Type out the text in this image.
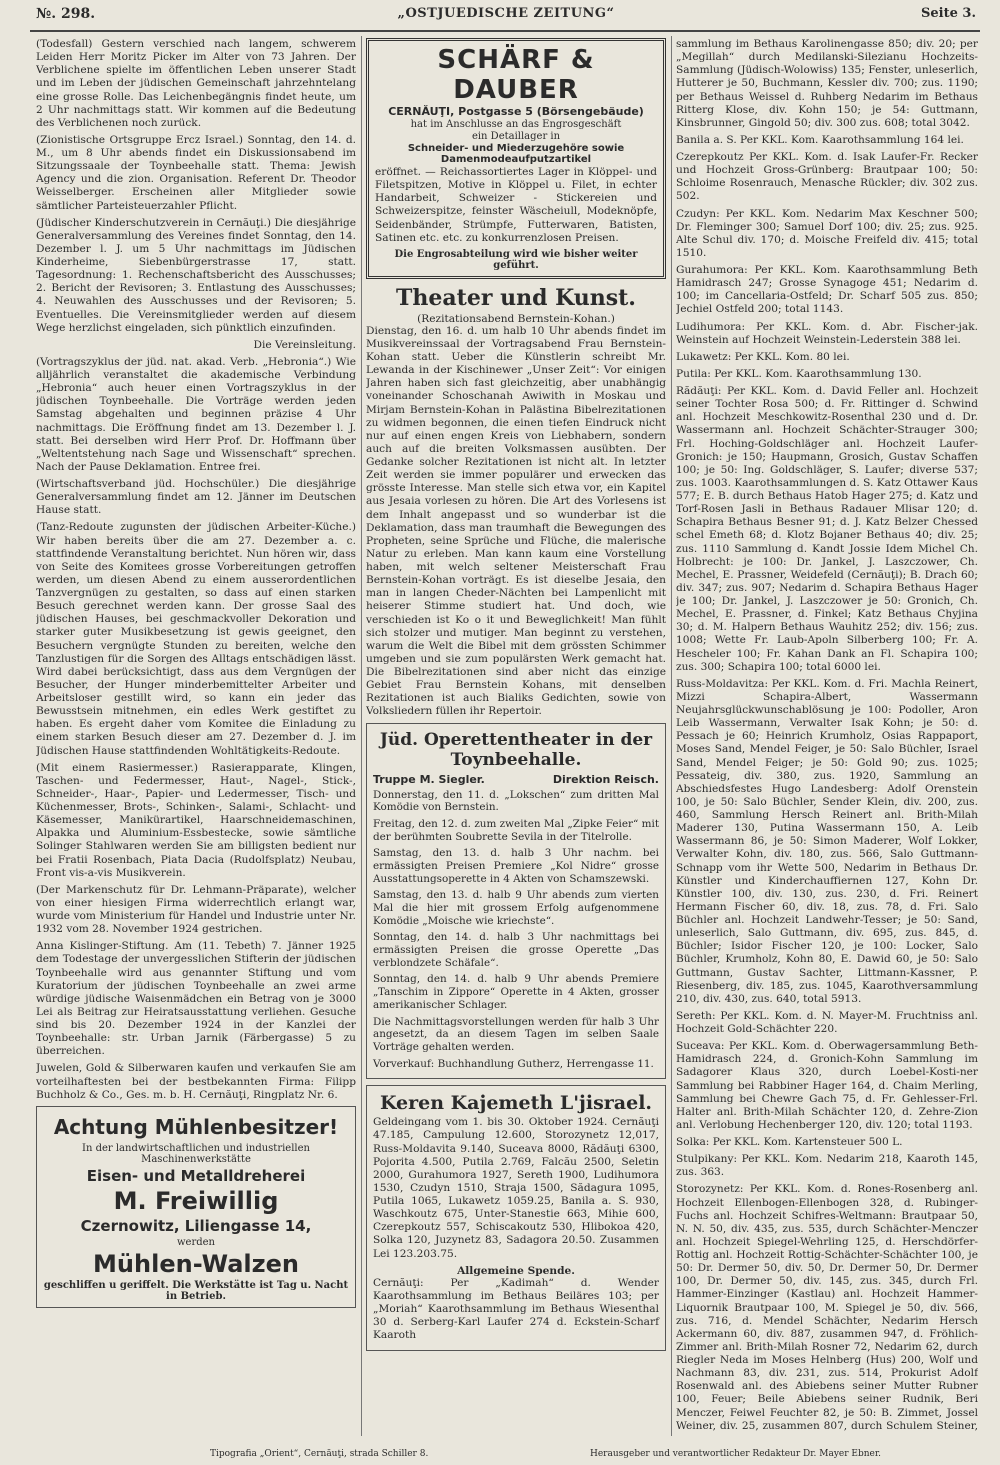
№. 298.	„OSTJUEDISCHE ZEITUNG“	Seite 3.

(Todesfall) Gestern verschied nach langem, schwerem Leiden Herr Moritz Picker im Alter von 73 Jahren. Der Verblichene spielte im öffentlichen Leben unserer Stadt und im Leben der jüdischen Gemeinschaft jahrzehntelang eine grosse Rolle. Das Leichenbegängnis findet heute, um 2 Uhr nachmittags statt. Wir kommen auf die Bedeutung des Verblichenen noch zurück.

(Zionistische Ortsgruppe Ercz Israel.) Sonntag, den 14. d. M., um 8 Uhr abends findet ein Diskussionsabend im Sitzungssaale der Toynbeehalle statt. Thema: Jewish Agency und die zion. Organisation. Referent Dr. Theodor Weisselberger. Erscheinen aller Mitglieder sowie sämtlicher Parteisteuerzahler Pflicht.

(Jüdischer Kinderschutzverein in Cernăuţi.) Die diesjährige Generalversammlung des Vereines findet Sonntag, den 14. Dezember l. J. um 5 Uhr nachmittags im Jüdischen Kinderheime, Siebenbürgerstrasse 17, statt. Tagesordnung: 1. Rechenschaftsbericht des Ausschusses; 2. Bericht der Revisoren; 3. Entlastung des Ausschusses; 4. Neuwahlen des Ausschusses und der Revisoren; 5. Eventuelles. Die Vereinsmitglieder werden auf diesem Wege herzlichst eingeladen, sich pünktlich einzufinden.

Die Vereinsleitung.

(Vortragszyklus der jüd. nat. akad. Verb. „Hebronia“.) Wie alljährlich veranstaltet die akademische Verbindung „Hebronia“ auch heuer einen Vortragszyklus in der jüdischen Toynbeehalle. Die Vorträge werden jeden Samstag abgehalten und beginnen präzise 4 Uhr nachmittags. Die Eröffnung findet am 13. Dezember l. J. statt. Bei derselben wird Herr Prof. Dr. Hoffmann über „Weltentstehung nach Sage und Wissenschaft“ sprechen. Nach der Pause Deklamation. Entree frei.

(Wirtschaftsverband jüd. Hochschüler.) Die diesjährige Generalversammlung findet am 12. Jänner im Deutschen Hause statt.

(Tanz-Redoute zugunsten der jüdischen Arbeiter-Küche.) Wir haben bereits über die am 27. Dezember a. c. stattfindende Veranstaltung berichtet. Nun hören wir, dass von Seite des Komitees grosse Vorbereitungen getroffen werden, um diesen Abend zu einem ausserordentlichen Tanzvergnügen zu gestalten, so dass auf einen starken Besuch gerechnet werden kann. Der grosse Saal des jüdischen Hauses, bei geschmackvoller Dekoration und starker guter Musikbesetzung ist gewis geeignet, den Besuchern vergnügte Stunden zu bereiten, welche den Tanzlustigen für die Sorgen des Alltags entschädigen lässt. Wird dabei berücksichtigt, dass aus dem Vergnügen der Besucher, der Hunger minderbemittelter Arbeiter und Arbeitsloser gestillt wird, so kann ein jeder das Bewusstsein mitnehmen, ein edles Werk gestiftet zu haben. Es ergeht daher vom Komitee die Einladung zu einem starken Besuch dieser am 27. Dezember d. J. im Jüdischen Hause stattfindenden Wohltätigkeits-Redoute.

(Mit einem Rasiermesser.) Rasierapparate, Klingen, Taschen- und Federmesser, Haut-, Nagel-, Stick-, Schneider-, Haar-, Papier- und Ledermesser, Tisch- und Küchenmesser, Brots-, Schinken-, Salami-, Schlacht- und Käsemesser, Manikürartikel, Haarschneidemaschinen, Alpakka und Aluminium-Essbestecke, sowie sämtliche Solinger Stahlwaren werden Sie am billigsten bedient nur bei Fratii Rosenbach, Piata Dacia (Rudolfsplatz) Neubau, Front vis-a-vis Musikverein.

(Der Markenschutz für Dr. Lehmann-Präparate), welcher von einer hiesigen Firma widerrechtlich erlangt war, wurde vom Ministerium für Handel und Industrie unter Nr. 1932 vom 28. November 1924 gestrichen.

Anna Kislinger-Stiftung. Am (11. Tebeth) 7. Jänner 1925 dem Todestage der unvergesslichen Stifterin der jüdischen Toynbeehalle wird aus genannter Stiftung und vom Kuratorium der jüdischen Toynbeehalle an zwei arme würdige jüdische Waisenmädchen ein Betrag von je 3000 Lei als Beitrag zur Heiratsausstattung verliehen. Gesuche sind bis 20. Dezember 1924 in der Kanzlei der Toynbeehalle: str. Urban Jarnik (Färbergasse) 5 zu überreichen.

Juwelen, Gold & Silberwaren kaufen und verkaufen Sie am vorteilhaftesten bei der bestbekannten Firma: Filipp Buchholz & Co., Ges. m. b. H. Cernăuţi, Ringplatz Nr. 6.

Achtung Mühlenbesitzer!
In der landwirtschaftlichen und industriellen Maschinenwerkstätte
Eisen- und Metalldreherei
M. Freiwillig
Czernowitz, Liliengasse 14,
werden
Mühlen-Walzen
geschliffen u geriffelt. Die Werkstätte ist Tag u. Nacht in Betrieb.
SCHÄRF & DAUBER
CERNĂUŢI, Postgasse 5 (Börsengebäude)
hat im Anschlusse an das Engrosgeschäft
ein Detaillager in
Schneider- und Miederzugehöre sowie Damenmodeaufputzartikel

eröffnet. — Reichassortiertes Lager in Klöppel- und Filetspitzen, Motive in Klöppel u. Filet, in echter Handarbeit, Schweizer - Stickereien und Schweizerspitze, feinster Wäscheiull, Modeknöpfe, Seidenbänder, Strümpfe, Futterwaren, Batisten, Satinen etc. etc. zu konkurrenzlosen Preisen.

Die Engrosabteilung wird wie bisher weiter geführt.
Theater und Kunst.
(Rezitationsabend Bernstein-Kohan.)

Dienstag, den 16. d. um halb 10 Uhr abends findet im Musikvereinssaal der Vortragsabend Frau Bernstein-Kohan statt. Ueber die Künstlerin schreibt Mr. Lewanda in der Kischinewer „Unser Zeit“: Vor einigen Jahren haben sich fast gleichzeitig, aber unabhängig voneinander Schoschanah Awiwith in Moskau und Mirjam Bernstein-Kohan in Palästina Bibelrezitationen zu widmen begonnen, die einen tiefen Eindruck nicht nur auf einen engen Kreis von Liebhabern, sondern auch auf die breiten Volksmassen ausübten. Der Gedanke solcher Rezitationen ist nicht alt. In letzter Zeit werden sie immer populärer und erwecken das grösste Interesse. Man stelle sich etwa vor, ein Kapitel aus Jesaia vorlesen zu hören. Die Art des Vorlesens ist dem Inhalt angepasst und so wunderbar ist die Deklamation, dass man traumhaft die Bewegungen des Propheten, seine Sprüche und Flüche, die malerische Natur zu erleben. Man kann kaum eine Vorstellung haben, mit welch seltener Meisterschaft Frau Bernstein-Kohan vorträgt. Es ist dieselbe Jesaia, den man in langen Cheder-Nächten bei Lampenlicht mit heiserer Stimme studiert hat. Und doch, wie verschieden ist Ko o it und Beweglichkeit! Man fühlt sich stolzer und mutiger. Man beginnt zu verstehen, warum die Welt die Bibel mit dem grössten Schimmer umgeben und sie zum populärsten Werk gemacht hat. Die Bibelrezitationen sind aber nicht das einzige Gebiet Frau Bernstein Kohans, mit denselben Rezitationen ist auch Bialiks Gedichten, sowie von Volksliedern füllen ihr Repertoir.

Jüd. Operettentheater in der Toynbeehalle.
Truppe M. Siegler.	Direktion Reisch.
Donnerstag, den 11. d. „Lokschen“ zum dritten Mal Komödie von Bernstein.
Freitag, den 12. d. zum zweiten Mal „Zipke Feier“ mit der berühmten Soubrette Sevila in der Titelrolle.
Samstag, den 13. d. halb 3 Uhr nachm. bei ermässigten Preisen Premiere „Kol Nidre“ grosse Ausstattungsoperette in 4 Akten von Schamszewski.
Samstag, den 13. d. halb 9 Uhr abends zum vierten Mal die hier mit grossem Erfolg aufgenommene Komödie „Moische wie kriechste“.
Sonntag, den 14. d. halb 3 Uhr nachmittags bei ermässigten Preisen die grosse Operette „Das verblondzete Schäfale“.
Sonntag, den 14. d. halb 9 Uhr abends Premiere „Tanschim in Zippore“ Operette in 4 Akten, grosser amerikanischer Schlager.
Die Nachmittagsvorstellungen werden für halb 3 Uhr angesetzt, da an diesem Tagen im selben Saale Vorträge gehalten werden.
Vorverkauf: Buchhandlung Gutherz, Herrengasse 11.
Keren Kajemeth L'jisrael.

Geldeingang vom 1. bis 30. Oktober 1924. Cernăuţi 47.185, Campulung 12.600, Storozynetz 12,017, Russ-Moldavita 9.140, Suceava 8000, Rădăuţi 6300, Pojorita 4.500, Putila 2.769, Falcău 2500, Seletin 2000, Gurahumora 1927, Sereth 1900, Ludihumora 1530, Czudyn 1510, Straja 1500, Sădagura 1095, Putila 1065, Lukawetz 1059.25, Banila a. S. 930, Waschkoutz 675, Unter-Stanestie 663, Mihie 600, Czerepkoutz 557, Schiscakoutz 530, Hlibokoa 420, Solka 120, Juzynetz 83, Sadagora 20.50. Zusammen Lei 123.203.75.

Allgemeine Spende.

Cernăuţi: Per „Kadimah“ d. Wender Kaarothsammlung im Bethaus Beiläres 103; per „Moriah“ Kaarothsammlung im Bethaus Wiesenthal 30 d. Serberg-Karl Laufer 274 d. Eckstein-Scharf Kaaroth

sammlung im Bethaus Karolinengasse 850; div. 20; per „Megillah“ durch Medilanski-Silezianu Hochzeits-Sammlung (Jüdisch-Wolowiss) 135; Fenster, unleserlich, Hutterer je 50, Buchmann, Kessler div. 700; zus. 1190; per Bethaus Weissel d. Ruhberg Nedarim im Bethaus Ritterg Klose, div. Kohn 150; je 54: Guttmann, Kinsbrunner, Gingold 50; div. 300 zus. 608; total 3042.

Banila a. S. Per KKL. Kom. Kaarothsammlung 164 lei.

Czerepkoutz Per KKL. Kom. d. Isak Laufer-Fr. Recker und Hochzeit Gross-Grünberg: Brautpaar 100; 50: Schloime Rosenrauch, Menasche Rückler; div. 302 zus. 502.

Czudyn: Per KKL. Kom. Nedarim Max Keschner 500; Dr. Fleminger 300; Samuel Dorf 100; div. 25; zus. 925. Alte Schul div. 170; d. Moische Freifeld div. 415; total 1510.

Gurahumora: Per KKL. Kom. Kaarothsammlung Beth Hamidrasch 247; Grosse Synagoge 451; Nedarim d. 100; im Cancellaria-Ostfeld; Dr. Scharf 505 zus. 850; Jechiel Ostfeld 200; total 1143.

Ludihumora: Per KKL. Kom. d. Abr. Fischer-jak. Weinstein auf Hochzeit Weinstein-Lederstein 388 lei.

Lukawetz: Per KKL. Kom. 80 lei.

Putila: Per KKL. Kom. Kaarothsammlung 130.

Rădăuţi: Per KKL. Kom. d. David Feller anl. Hochzeit seiner Tochter Rosa 500; d. Fr. Rittinger d. Schwind anl. Hochzeit Meschkowitz-Rosenthal 230 und d. Dr. Wassermann anl. Hochzeit Schächter-Strauger 300; Frl. Hoching-Goldschläger anl. Hochzeit Laufer-Gronich: je 150; Haupmann, Grosich, Gustav Schaffen 100; je 50: Ing. Goldschläger, S. Laufer; diverse 537; zus. 1003. Kaarothsammlungen d. S. Katz Ottawer Kaus 577; E. B. durch Bethaus Hatob Hager 275; d. Katz und Torf-Rosen Jasli in Bethaus Radauer Mlisar 120; d. Schapira Bethaus Besner 91; d. J. Katz Belzer Chessed schel Emeth 68; d. Klotz Bojaner Bethaus 40; div. 25; zus. 1110 Sammlung d. Kandt Jossie Idem Michel Ch. Holbrecht: je 100: Dr. Jankel, J. Laszczower, Ch. Mechel, E. Prassner, Weidefeld (Cernăuţi); B. Drach 60; div. 347; zus. 907; Nedarim d. Schapira Bethaus Hager je 100; Dr. Jankel, J. Laszczower je 50: Gronich, Ch. Mechel, E. Prassner, d. Finkel; Katz Bethaus Chyjina 30; d. M. Halpern Bethaus Wauhitz 252; div. 156; zus. 1008; Wette Fr. Laub-Apoln Silberberg 100; Fr. A. Hescheler 100; Fr. Kahan Dank an Fl. Schapira 100; zus. 300; Schapira 100; total 6000 lei.

Russ-Moldavitza: Per KKL. Kom. d. Fri. Machla Reinert, Mizzi Schapira-Albert, Wassermann Neujahrsglückwunschablösung je 100: Podoller, Aron Leib Wassermann, Verwalter Isak Kohn; je 50: d. Pessach je 60; Heinrich Krumholz, Osias Rappaport, Moses Sand, Mendel Feiger, je 50: Salo Büchler, Israel Sand, Mendel Feiger; je 50: Gold 90; zus. 1025; Pessateig, div. 380, zus. 1920, Sammlung an Abschiedsfestes Hugo Landesberg: Adolf Orenstein 100, je 50: Salo Büchler, Sender Klein, div. 200, zus. 460, Sammlung Hersch Reinert anl. Brith-Milah Maderer 130, Putina Wassermann 150, A. Leib Wassermann 86, je 50: Simon Maderer, Wolf Lokker, Verwalter Kohn, div. 180, zus. 566, Salo Guttmann-Schnapp vom ihr Wette 500, Nedarim in Bethaus Dr. Künstler und Kinderchauffiernen 127, Kohn Dr. Künstler 100, div. 130, zus. 230, d. Fri. Reinert Hermann Fischer 60, div. 18, zus. 78, d. Fri. Salo Büchler anl. Hochzeit Landwehr-Tesser; je 50: Sand, unleserlich, Salo Guttmann, div. 695, zus. 845, d. Büchler; Isidor Fischer 120, je 100: Locker, Salo Büchler, Krumholz, Kohn 80, E. Dawid 60, je 50: Salo Guttmann, Gustav Sachter, Littmann-Kassner, P. Riesenberg, div. 185, zus. 1045, Kaarothversammlung 210, div. 430, zus. 640, total 5913.

Sereth: Per KKL. Kom. d. N. Mayer-M. Fruchtniss anl. Hochzeit Gold-Schächter 220.

Suceava: Per KKL. Kom. d. Oberwagersammlung Beth-Hamidrasch 224, d. Gronich-Kohn Sammlung im Sadagorer Klaus 320, durch Loebel-Kosti-ner Sammlung bei Rabbiner Hager 164, d. Chaim Merling, Sammlung bei Chewre Gach 75, d. Fr. Gehlesser-Frl. Halter anl. Brith-Milah Schächter 120, d. Zehre-Zion anl. Verlobung Hechenberger 120, div. 120; total 1193.

Solka: Per KKL. Kom. Kartensteuer 500 L.

Stulpikany: Per KKL. Kom. Nedarim 218, Kaaroth 145, zus. 363.

Storozynetz: Per KKL. Kom. d. Rones-Rosenberg anl. Hochzeit Ellenbogen-Ellenbogen 328, d. Rubinger-Fuchs anl. Hochzeit Schifres-Weltmann: Brautpaar 50, N. N. 50, div. 435, zus. 535, durch Schächter-Menczer anl. Hochzeit Spiegel-Wehrling 125, d. Herschdörfer-Rottig anl. Hochzeit Rottig-Schächter-Schächter 100, je 50: Dr. Dermer 50, div. 50, Dr. Dermer 50, Dr. Dermer 100, Dr. Dermer 50, div. 145, zus. 345, durch Frl. Hammer-Einzinger (Kastlau) anl. Hochzeit Hammer-Liquornik Brautpaar 100, M. Spiegel je 50, div. 566, zus. 716, d. Mendel Schächter, Nedarim Hersch Ackermann 60, div. 887, zusammen 947, d. Fröhlich-Zimmer anl. Brith-Milah Rosner 72, Nedarim 62, durch Riegler Neda im Moses Helnberg (Hus) 200, Wolf und Nachmann 83, div. 231, zus. 514, Prokurist Adolf Rosenwald anl. des Abiebens seiner Mutter Rubner 100, Feuer; Beile Abiebens seiner Rudnik, Beri Menczer, Feiwel Feuchter 82, je 50: B. Zimmet, Jossel Weiner, div. 25, zusammen 807, durch Schulem Steiner,

Tipografia „Orient“, Cernăuţi, strada Schiller 8.	Herausgeber und verantwortlicher Redakteur Dr. Mayer Ebner.
